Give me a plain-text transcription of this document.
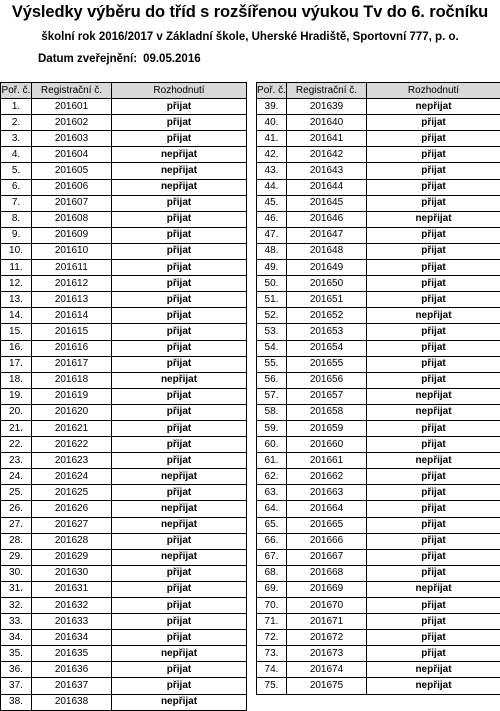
Výsledky výběru do tříd s rozšířenou výukou Tv do 6. ročníku
školní rok 2016/2017 v Základní škole, Uherské Hradiště, Sportovní 777, p. o.
Datum zveřejnění: 09.05.2016
Poř. č.	Registrační č.	Rozhodnutí
1.	201601	přijat
2.	201602	přijat
3.	201603	přijat
4.	201604	nepřijat
5.	201605	nepřijat
6.	201606	nepřijat
7.	201607	přijat
8.	201608	přijat
9.	201609	přijat
10.	201610	přijat
11.	201611	přijat
12.	201612	přijat
13.	201613	přijat
14.	201614	přijat
15.	201615	přijat
16.	201616	přijat
17.	201617	přijat
18.	201618	nepřijat
19.	201619	přijat
20.	201620	přijat
21.	201621	přijat
22.	201622	přijat
23.	201623	přijat
24.	201624	nepřijat
25.	201625	přijat
26.	201626	nepřijat
27.	201627	nepřijat
28.	201628	přijat
29.	201629	nepřijat
30.	201630	přijat
31.	201631	přijat
32.	201632	přijat
33.	201633	přijat
34.	201634	přijat
35.	201635	nepřijat
36.	201636	přijat
37.	201637	přijat
38.	201638	nepřijat
Poř. č.	Registrační č.	Rozhodnutí
39.	201639	nepřijat
40.	201640	přijat
41.	201641	přijat
42.	201642	přijat
43.	201643	přijat
44.	201644	přijat
45.	201645	přijat
46.	201646	nepřijat
47.	201647	přijat
48.	201648	přijat
49.	201649	přijat
50.	201650	přijat
51.	201651	přijat
52.	201652	nepřijat
53.	201653	přijat
54.	201654	přijat
55.	201655	přijat
56.	201656	přijat
57.	201657	nepřijat
58.	201658	nepřijat
59.	201659	přijat
60.	201660	přijat
61.	201661	nepřijat
62.	201662	přijat
63.	201663	přijat
64.	201664	přijat
65.	201665	přijat
66.	201666	přijat
67.	201667	přijat
68.	201668	přijat
69.	201669	nepřijat
70.	201670	přijat
71.	201671	přijat
72.	201672	přijat
73.	201673	přijat
74.	201674	nepřijat
75.	201675	nepřijat
